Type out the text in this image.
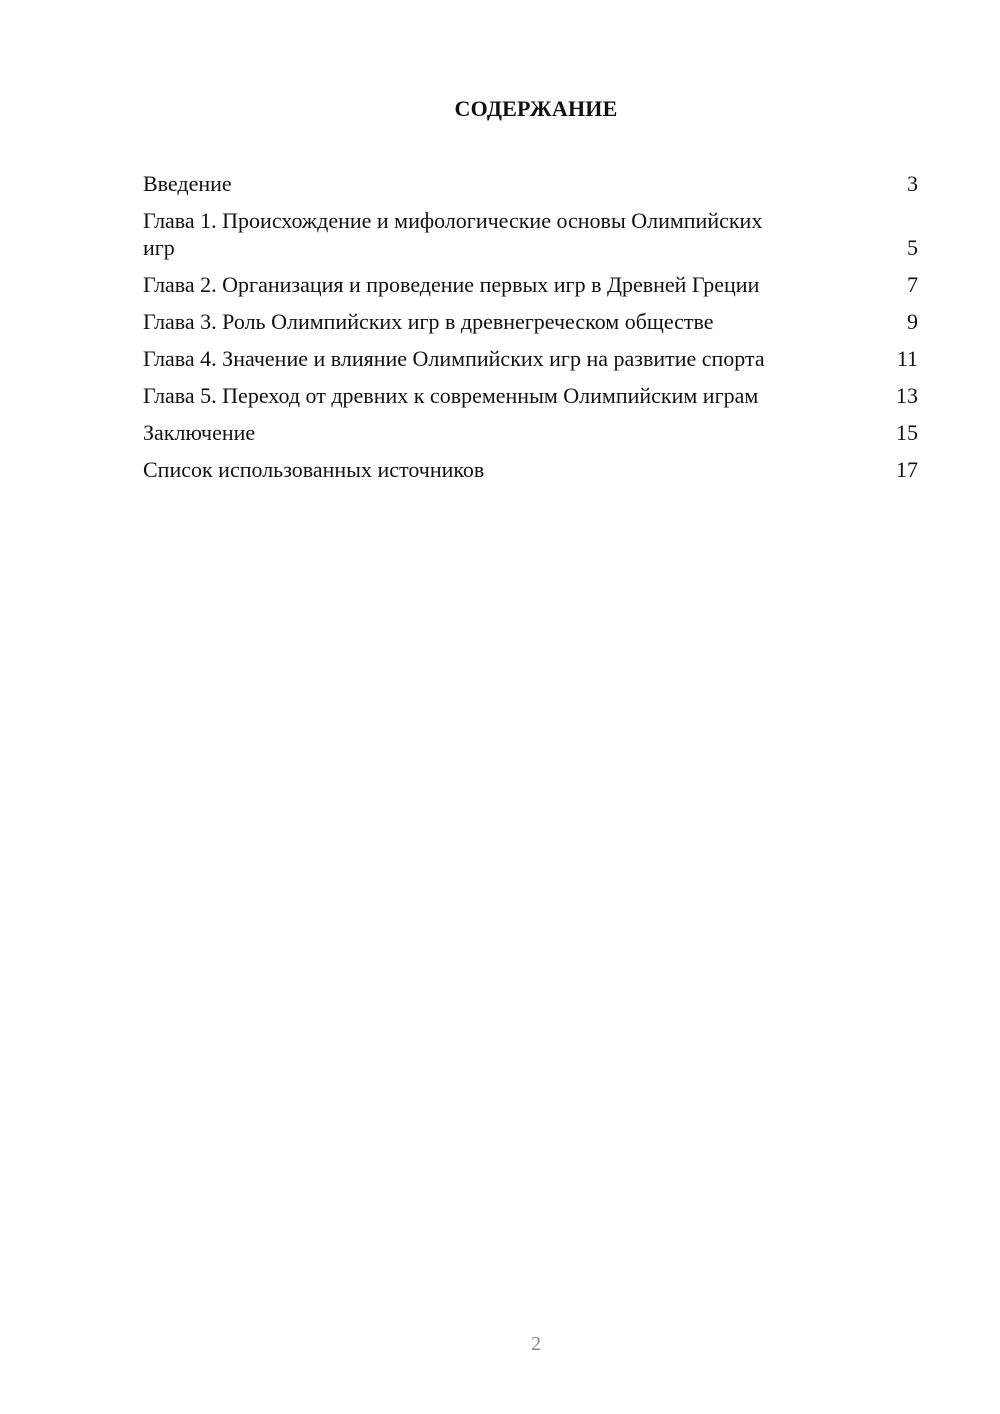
СОДЕРЖАНИЕ
Введение	3
Глава 1. Происхождение и мифологические основы Олимпийских игр	5
Глава 2. Организация и проведение первых игр в Древней Греции	7
Глава 3. Роль Олимпийских игр в древнегреческом обществе	9
Глава 4. Значение и влияние Олимпийских игр на развитие спорта	11
Глава 5. Переход от древних к современным Олимпийским играм	13
Заключение	15
Список использованных источников	17
2
